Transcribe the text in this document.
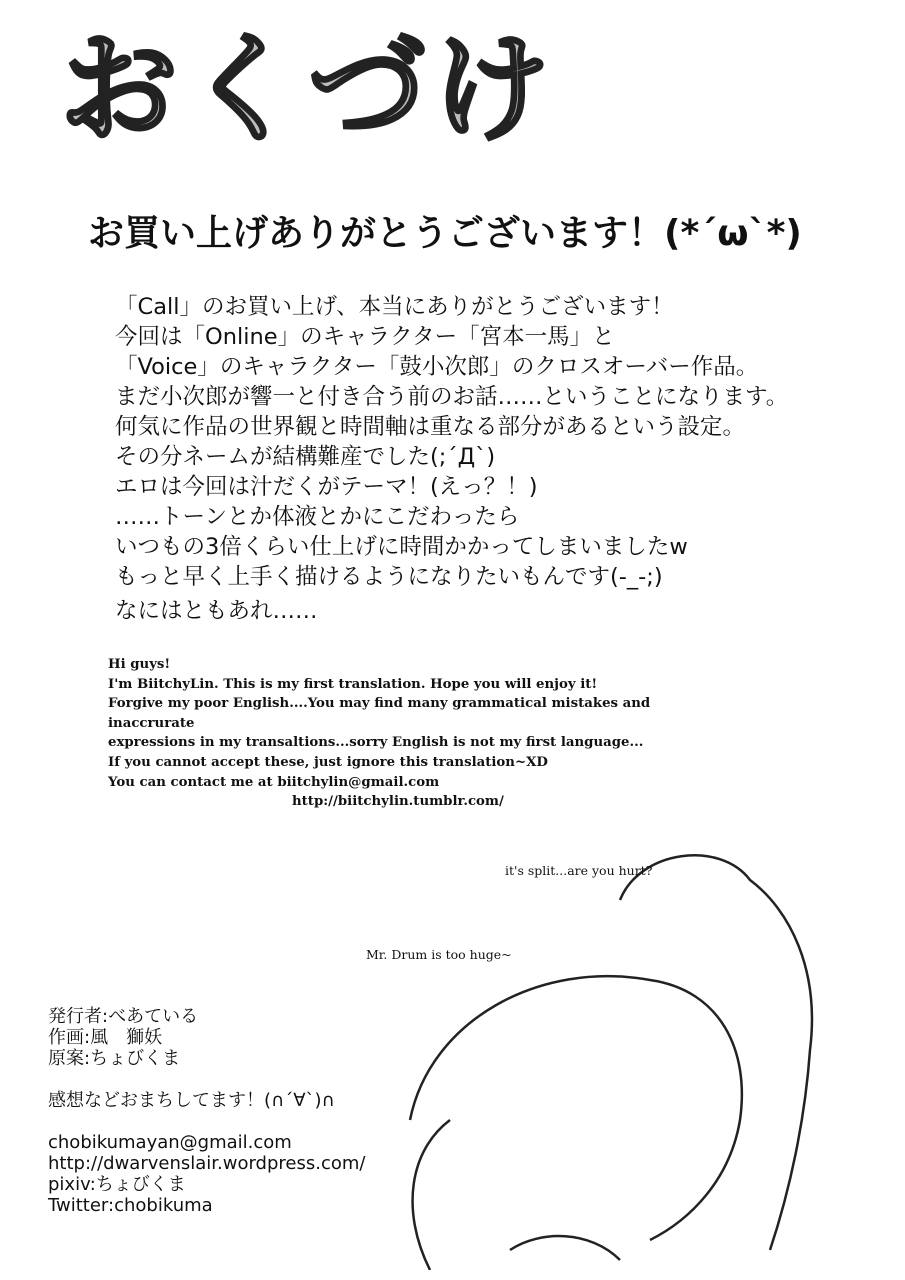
おくづけ
お買い上げありがとうございます！(*´ω`*)
「Call」のお買い上げ、本当にありがとうございます！
今回は「Online」のキャラクター「宮本一馬」と
「Voice」のキャラクター「鼓小次郎」のクロスオーバー作品。
まだ小次郎が響一と付き合う前のお話……ということになります。
何気に作品の世界観と時間軸は重なる部分があるという設定。
その分ネームが結構難産でした(;´Д`)
エロは今回は汁だくがテーマ！(えっ？！)
……トーンとか体液とかにこだわったら
いつもの3倍くらい仕上げに時間かかってしまいましたw
もっと早く上手く描けるようになりたいもんです(-_-;)
なにはともあれ……
Hi guys!
I'm BiitchyLin. This is my first translation. Hope you will enjoy it!
Forgive my poor English....You may find many grammatical mistakes and
inaccrurate
expressions in my transaltions...sorry English is not my first language...
If you cannot accept these, just ignore this translation~XD
You can contact me at biitchylin@gmail.com
http://biitchylin.tumblr.com/
it's split...are you hurt?
Mr. Drum is too huge~
発行者:べあている
作画:風　獅妖
原案:ちょびくま
感想などおまちしてます！(∩´∀`)∩
chobikumayan@gmail.com
http://dwarvenslair.wordpress.com/
pixiv:ちょびくま
Twitter:chobikuma
